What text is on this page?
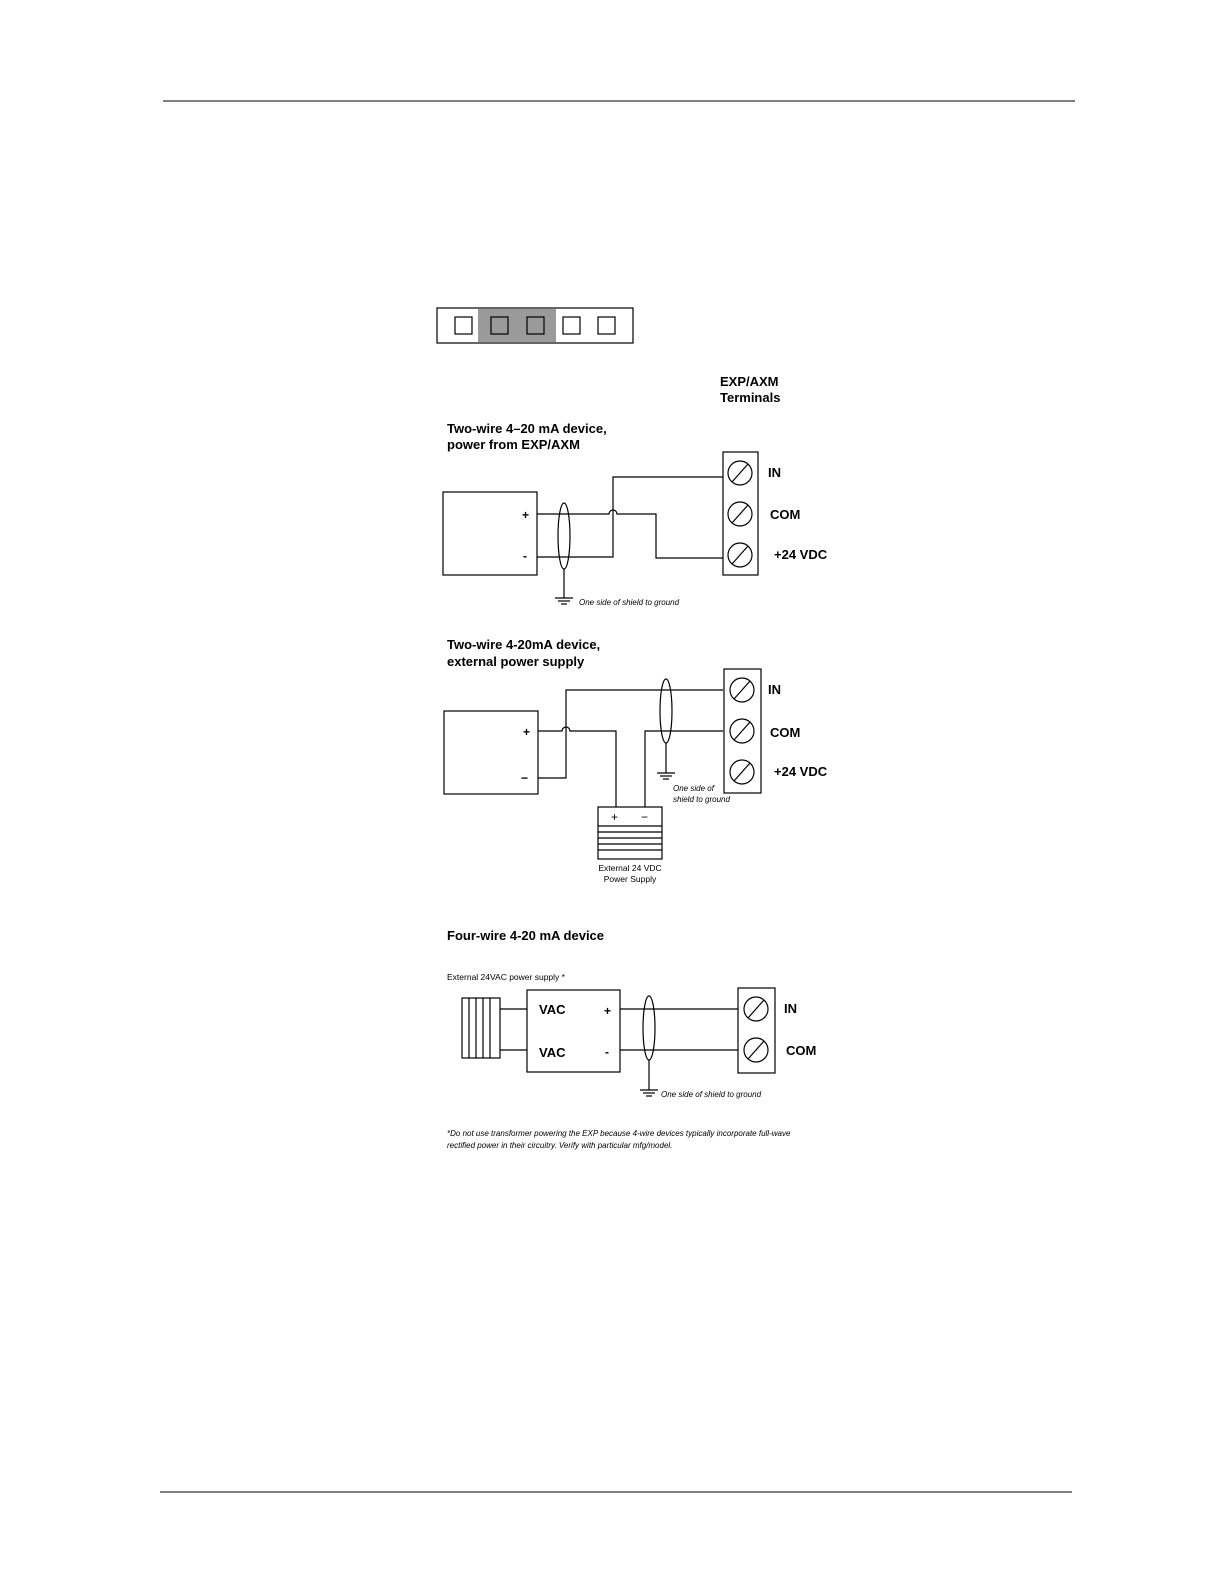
EXP/AXM
Terminals
Two-wire 4–20 mA device,
power from EXP/AXM
+
-
One side of shield to ground
IN
COM
+24 VDC
Two-wire 4-20mA device,
external power supply
+
−
One side of
shield to ground
IN
COM
+24 VDC
+ −
External 24 VDC
Power Supply
Four-wire 4-20 mA device
External 24VAC power supply *
VAC
VAC
+
-
One side of shield to ground
IN
COM
*Do not use transformer powering the EXP because 4-wire devices typically incorporate full-wave
rectified power in their circuitry. Verify with particular mfg/model.
